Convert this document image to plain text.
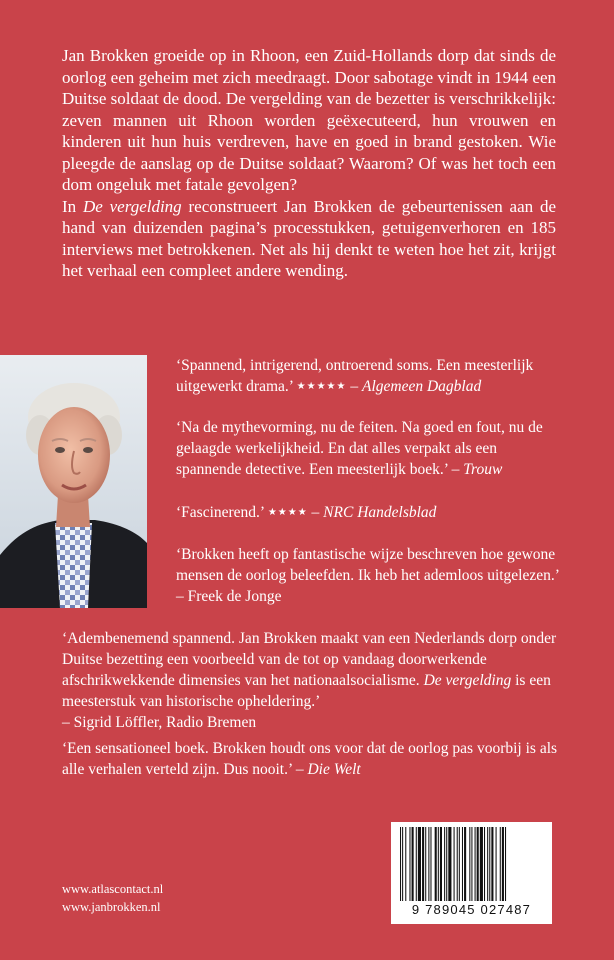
Jan Brokken groeide op in Rhoon, een Zuid-Hollands dorp dat sinds de oorlog een geheim met zich meedraagt. Door sabotage vindt in 1944 een Duitse soldaat de dood. De vergelding van de bezetter is verschrikkelijk: zeven mannen uit Rhoon worden geëxecuteerd, hun vrouwen en kinderen uit hun huis verdreven, have en goed in brand gestoken. Wie pleegde de aanslag op de Duitse soldaat? Waarom? Of was het toch een dom ongeluk met fatale gevolgen?

In De vergelding reconstrueert Jan Brokken de gebeurtenissen aan de hand van duizenden pagina’s processtukken, getuigenverhoren en 185 interviews met betrokkenen. Net als hij denkt te weten hoe het zit, krijgt het verhaal een compleet andere wending.

‘Spannend, intrigerend, ontroerend soms. Een meesterlijk uitgewerkt drama.’ ★★★★★ – Algemeen Dagblad

‘Na de mythevorming, nu de feiten. Na goed en fout, nu de gelaagde werkelijkheid. En dat alles verpakt als een spannende detective. Een meesterlijk boek.’ – Trouw

‘Fascinerend.’ ★★★★ – NRC Handelsblad

‘Brokken heeft op fantastische wijze beschreven hoe gewone mensen de oorlog beleefden. Ik heb het ademloos uitgelezen.’ – Freek de Jonge

‘Adembenemend spannend. Jan Brokken maakt van een Nederlands dorp onder Duitse bezetting een voorbeeld van de tot op vandaag doorwerkende afschrikwekkende dimensies van het nationaalsocialisme. De vergelding is een meesterstuk van historische opheldering.’

– Sigrid Löffler, Radio Bremen

‘Een sensationeel boek. Brokken houdt ons voor dat de oorlog pas voorbij is als alle verhalen verteld zijn. Dus nooit.’ – Die Welt

www.atlascontact.nl
www.janbrokken.nl	9 789045 027487
